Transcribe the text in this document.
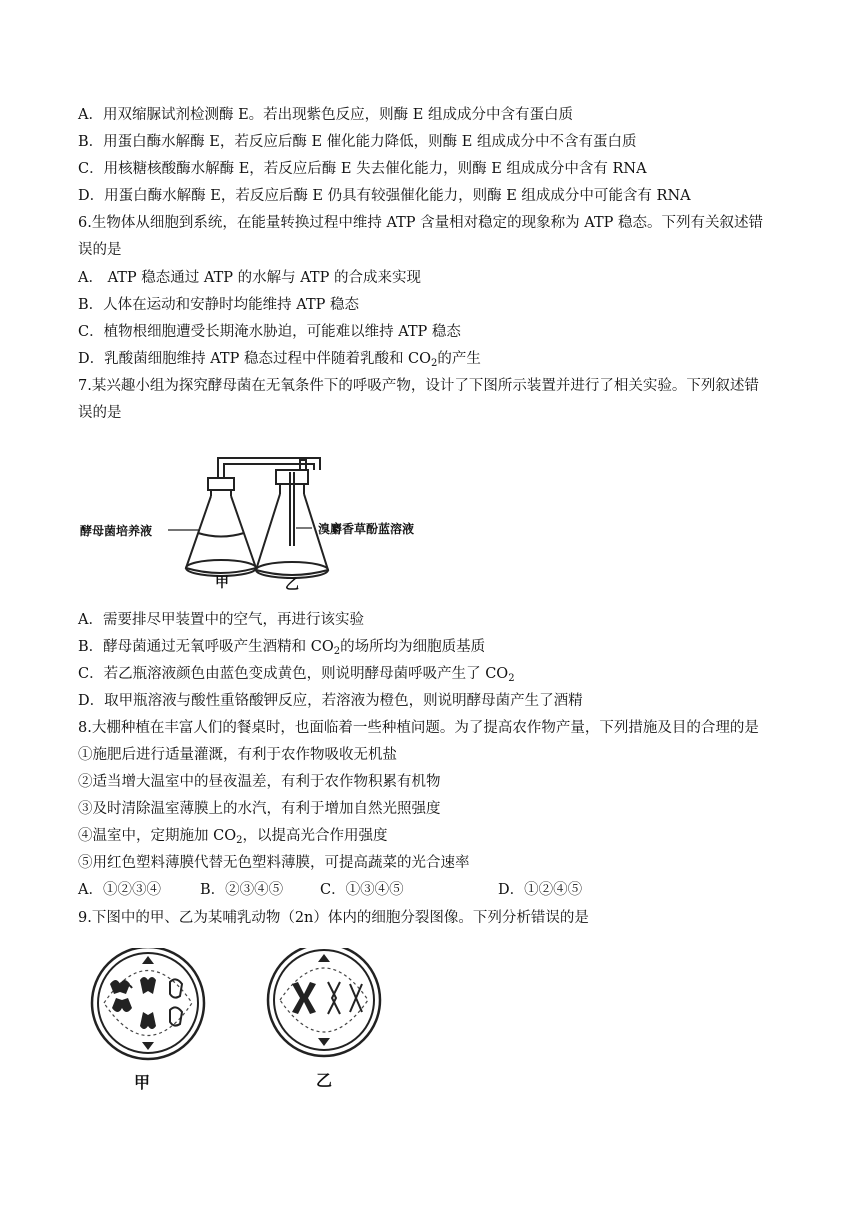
A．用双缩脲试剂检测酶 E。若出现紫色反应，则酶 E 组成成分中含有蛋白质
B．用蛋白酶水解酶 E，若反应后酶 E 催化能力降低，则酶 E 组成成分中不含有蛋白质
C．用核糖核酸酶水解酶 E，若反应后酶 E 失去催化能力，则酶 E 组成成分中含有 RNA
D．用蛋白酶水解酶 E，若反应后酶 E 仍具有较强催化能力，则酶 E 组成成分中可能含有 RNA
6.生物体从细胞到系统，在能量转换过程中维持 ATP 含量相对稳定的现象称为 ATP 稳态。下列有关叙述错
误的是
A． ATP 稳态通过 ATP 的水解与 ATP 的合成来实现
B．人体在运动和安静时均能维持 ATP 稳态
C．植物根细胞遭受长期淹水胁迫，可能难以维持 ATP 稳态
D．乳酸菌细胞维持 ATP 稳态过程中伴随着乳酸和 $CO_2$的产生
7.某兴趣小组为探究酵母菌在无氧条件下的呼吸产物，设计了下图所示装置并进行了相关实验。下列叙述错
误的是
酵母菌培养液	溴麝香草酚蓝溶液
甲	乙
A．需要排尽甲装置中的空气，再进行该实验
B．酵母菌通过无氧呼吸产生酒精和 $CO_2$的场所均为细胞质基质
C．若乙瓶溶液颜色由蓝色变成黄色，则说明酵母菌呼吸产生了 $CO_2$
D．取甲瓶溶液与酸性重铬酸钾反应，若溶液为橙色，则说明酵母菌产生了酒精
8.大棚种植在丰富人们的餐桌时，也面临着一些种植问题。为了提高农作物产量，下列措施及目的合理的是
①施肥后进行适量灌溉，有利于农作物吸收无机盐
②适当增大温室中的昼夜温差，有利于农作物积累有机物
③及时清除温室薄膜上的水汽，有利于增加自然光照强度
④温室中，定期施加 $CO_2$，以提高光合作用强度
⑤用红色塑料薄膜代替无色塑料薄膜，可提高蔬菜的光合速率
A．①②③④	B．②③④⑤	C．①③④⑤	D．①②④⑤
9.下图中的甲、乙为某哺乳动物（2n）体内的细胞分裂图像。下列分析错误的是
甲	乙
